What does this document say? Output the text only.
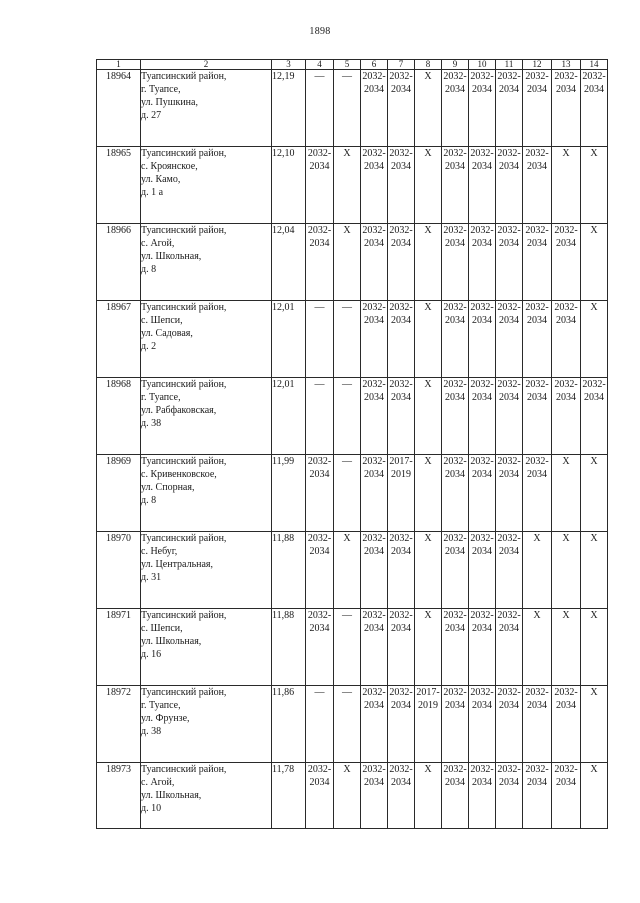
1898
1	2	3	4	5	6	7	8	9	10	11	12	13	14
18964	Туапсинский район,
г. Туапсе,
ул. Пушкина,
д. 27	12,19	—	—	2032-
2034	2032-
2034	X	2032-
2034	2032-
2034	2032-
2034	2032-
2034	2032-
2034	2032-
2034

18965	Туапсинский район,
с. Кроянское,
ул. Камо,
д. 1 а	12,10	2032-
2034	X	2032-
2034	2032-
2034	X	2032-
2034	2032-
2034	2032-
2034	2032-
2034	X	X
18966	Туапсинский район,
с. Агой,
ул. Школьная,
д. 8	12,04	2032-
2034	X	2032-
2034	2032-
2034	X	2032-
2034	2032-
2034	2032-
2034	2032-
2034	2032-
2034	X
18967	Туапсинский район,
с. Шепси,
ул. Садовая,
д. 2	12,01	—	—	2032-
2034	2032-
2034	X	2032-
2034	2032-
2034	2032-
2034	2032-
2034	2032-
2034	X
18968	Туапсинский район,
г. Туапсе,
ул. Рабфаковская,
д. 38	12,01	—	—	2032-
2034	2032-
2034	X	2032-
2034	2032-
2034	2032-
2034	2032-
2034	2032-
2034	2032-
2034

18969	Туапсинский район,
с. Кривенковское,
ул. Спорная,
д. 8	11,99	2032-
2034	—	2032-
2034	2017-
2019	X	2032-
2034	2032-
2034	2032-
2034	2032-
2034	X	X
18970	Туапсинский район,
с. Небуг,
ул. Центральная,
д. 31	11,88	2032-
2034	X	2032-
2034	2032-
2034	X	2032-
2034	2032-
2034	2032-
2034	X	X	X
18971	Туапсинский район,
с. Шепси,
ул. Школьная,
д. 16	11,88	2032-
2034	—	2032-
2034	2032-
2034	X	2032-
2034	2032-
2034	2032-
2034	X	X	X
18972	Туапсинский район,
г. Туапсе,
ул. Фрунзе,
д. 38	11,86	—	—	2032-
2034	2032-
2034	2017-
2019	2032-
2034	2032-
2034	2032-
2034	2032-
2034	2032-
2034	X
18973	Туапсинский район,
с. Агой,
ул. Школьная,
д. 10	11,78	2032-
2034	X	2032-
2034	2032-
2034	X	2032-
2034	2032-
2034	2032-
2034	2032-
2034	2032-
2034	X
